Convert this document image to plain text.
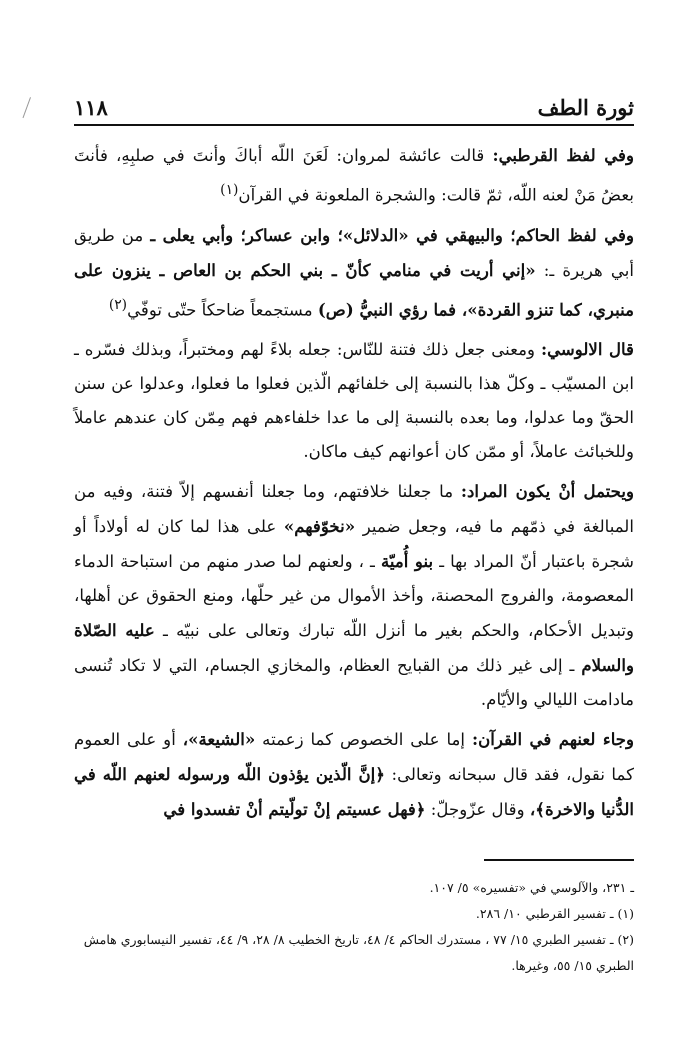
ثورة الطف
١١٨

وفي لفظ القرطبي: قالت عائشة لمروان: لَعَنَ اللّه أباكَ وأنتَ في صلبِهِ، فأنتَ بعضُ مَنْ لعنه اللّه، ثمّ قالت: والشجرة الملعونة في القرآن$^{(١)}$

وفي لفظ الحاكم؛ والبيهقي في «الدلائل»؛ وابن عساكر؛ وأبي يعلى ـ من طريق أبي هريرة ـ: «إني أريت في منامي كأنّ ـ بني الحكم بن العاص ـ ينزون على منبري، كما تنزو القردة»، فما رؤي النبيُّ (ص) مستجمعاً ضاحكاً حتّى توفّي$^{(٢)}$

قال الالوسي: ومعنى جعل ذلك فتنة للنّاس: جعله بلاءً لهم ومختبراً، وبذلك فسّره ـ ابن المسيّب ـ وكلّ هذا بالنسبة إلى خلفائهم الّذين فعلوا ما فعلوا، وعدلوا عن سنن الحقّ وما عدلوا، وما بعده بالنسبة إلى ما عدا خلفاءهم فهم مِمّن كان عندهم عاملاً وللخبائث عاملاً، أو ممّن كان أعوانهم كيف ماكان.

ويحتمل أنْ يكون المراد: ما جعلنا خلافتهم، وما جعلنا أنفسهم إلاّ فتنة، وفيه من المبالغة في ذمّهم ما فيه، وجعل ضمير «نخوّفهم» على هذا لما كان له أولاداً أو شجرة باعتبار أنّ المراد بها ـ بنو أُميّة ـ ، ولعنهم لما صدر منهم من استباحة الدماء المعصومة، والفروج المحصنة، وأخذ الأموال من غير حلّها، ومنع الحقوق عن أهلها، وتبديل الأحكام، والحكم بغير ما أنزل اللّه تبارك وتعالى على نبيّه ـ عليه الصّلاة والسلام ـ إلى غير ذلك من القبايح العظام، والمخازي الجسام، التي لا تكاد تُنسى مادامت الليالي والأيّام.

وجاء لعنهم في القرآن: إما على الخصوص كما زعمته «الشيعة»، أو على العموم كما نقول، فقد قال سبحانه وتعالى: ﴿إنَّ الّذين يؤذون اللّه ورسوله لعنهم اللّه في الدُّنيا والاخرة﴾، وقال عزّوجلّ: ﴿فهل عسيتم إنْ تولّيتم أنْ تفسدوا في

ـ ٢٣١، والآلوسي في «تفسيره» ٥/ ١٠٧.

(١) ـ تفسير القرطبي ١٠/ ٢٨٦.

(٢) ـ تفسير الطبري ١٥/ ٧٧ ، مستدرك الحاكم ٤/ ٤٨، تاريخ الخطيب ٨/ ٢٨، ٩/ ٤٤، تفسير النيسابوري هامش الطبري ١٥/ ٥٥، وغيرها.
